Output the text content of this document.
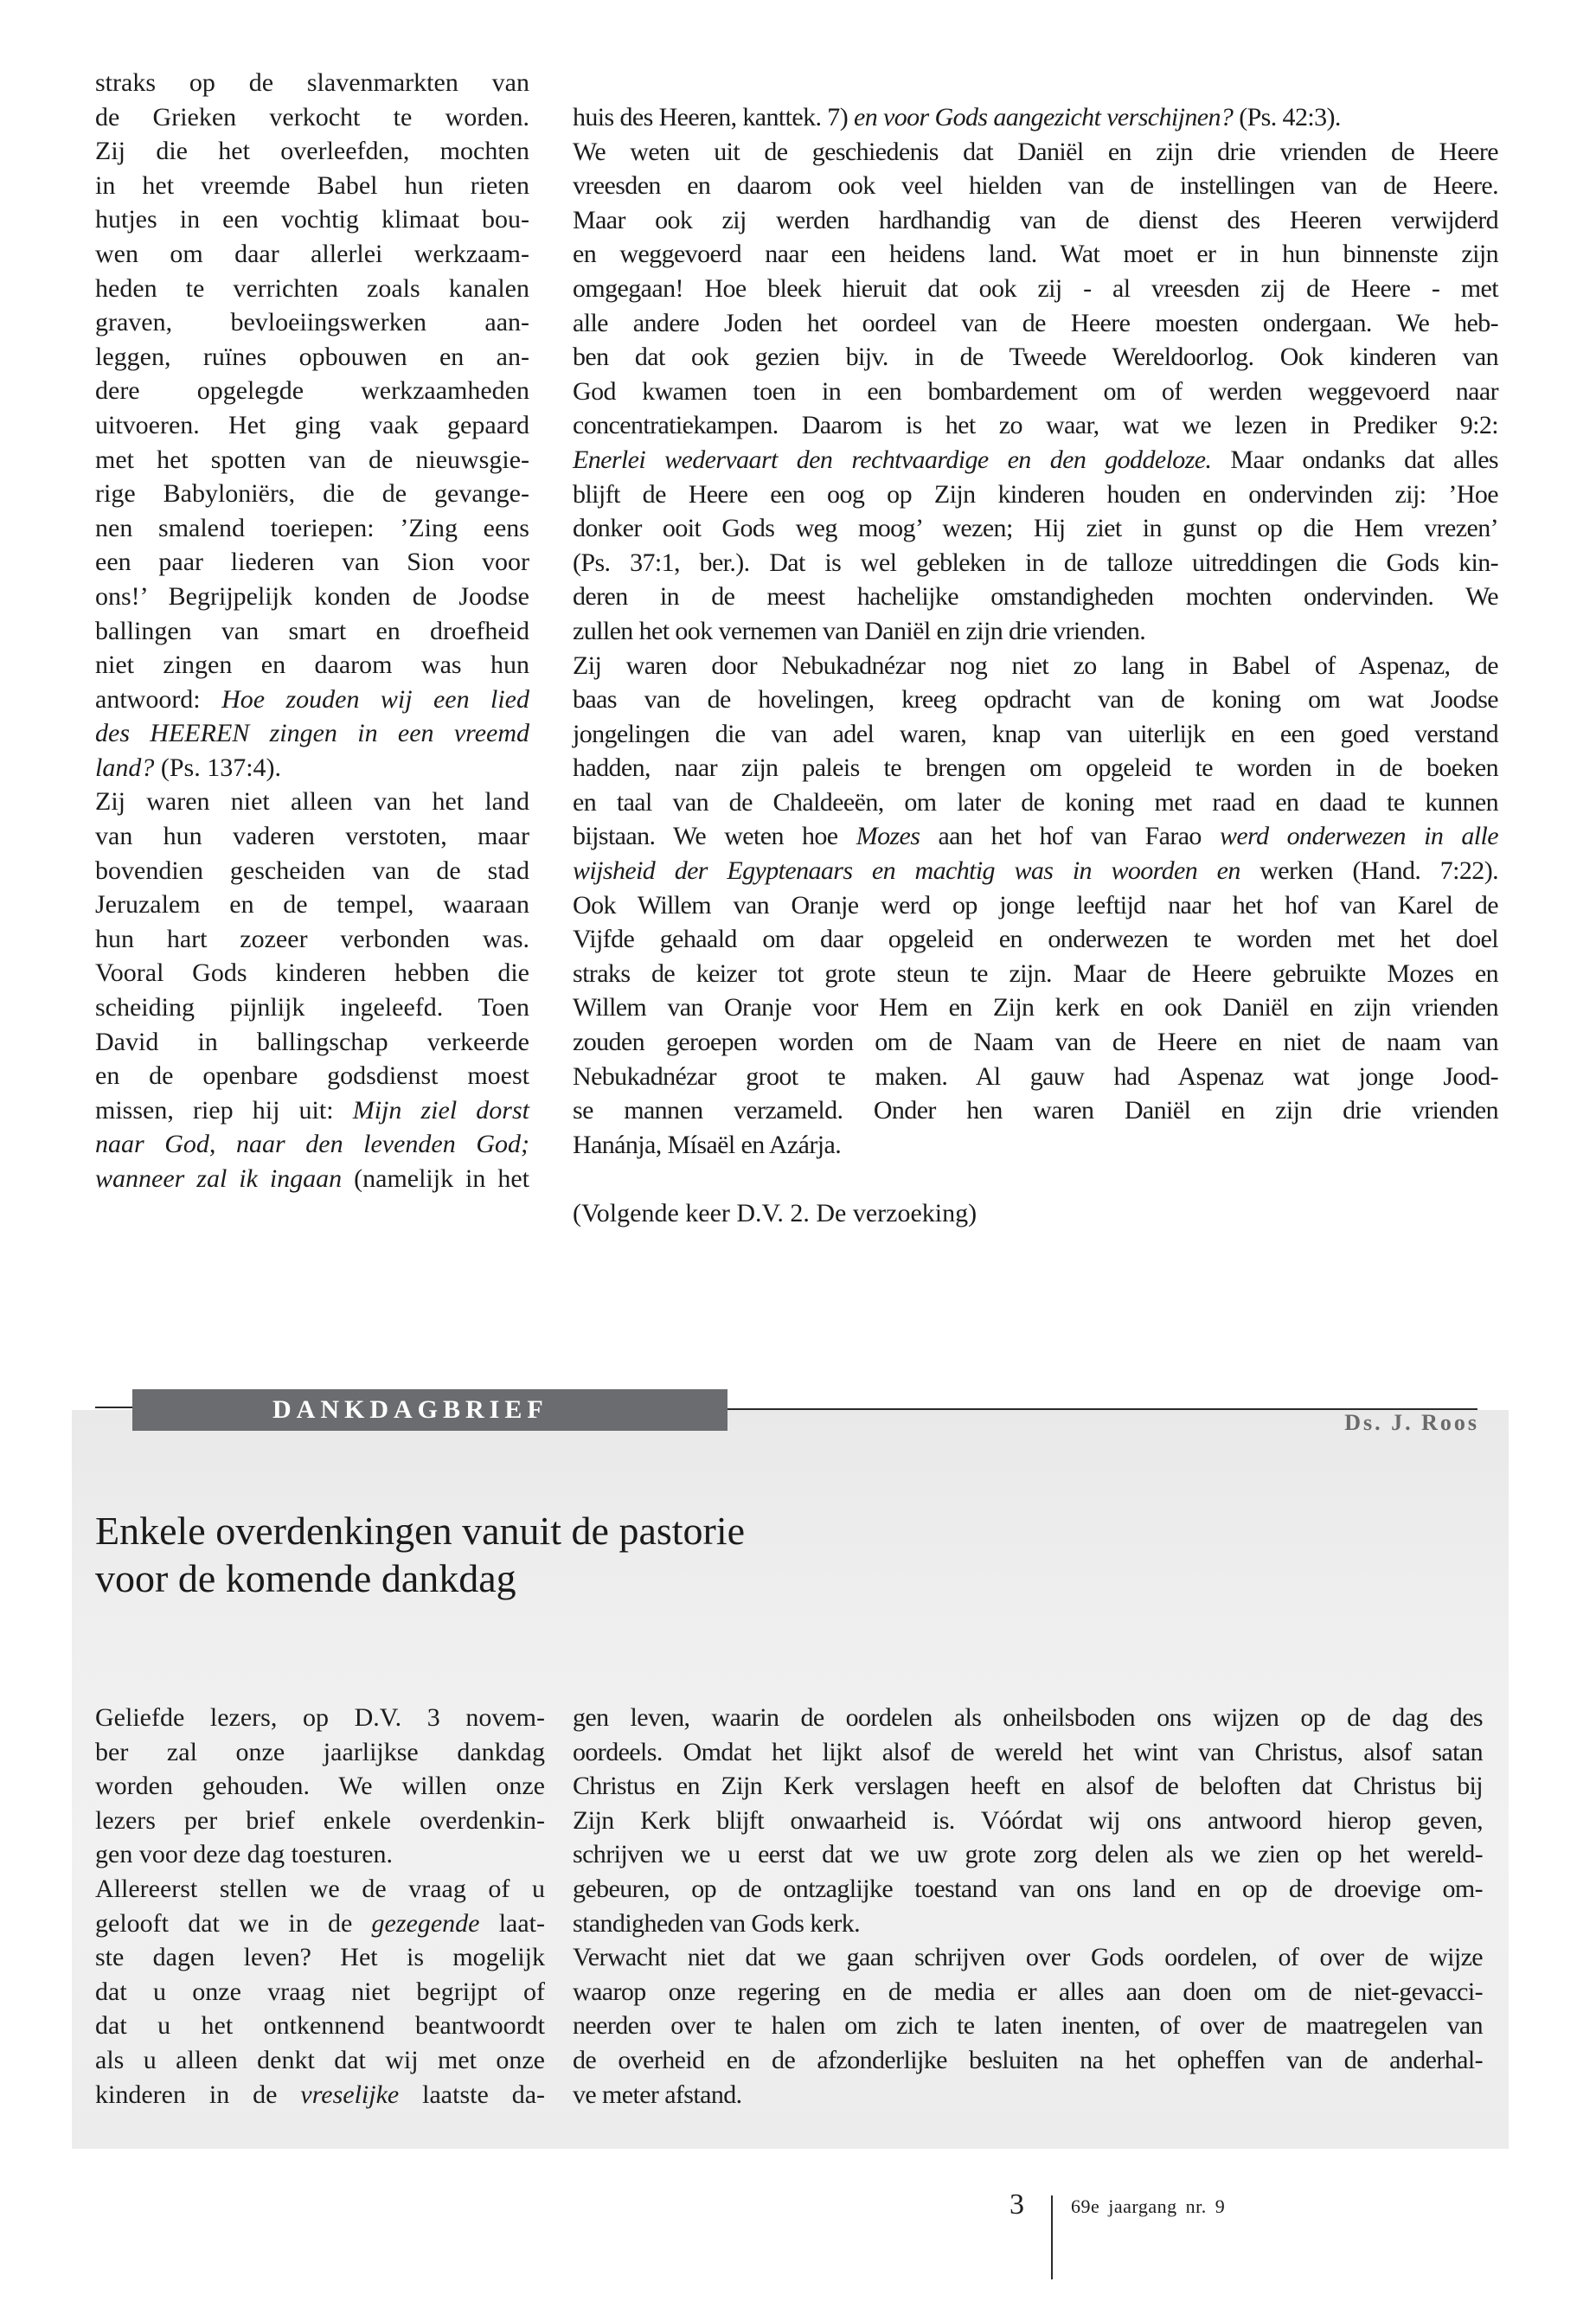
straks op de slavenmarkten van
de Grieken verkocht te worden.
Zij die het overleefden, mochten
in het vreemde Babel hun rieten
hutjes in een vochtig klimaat bou-
wen om daar allerlei werkzaam-
heden te verrichten zoals kanalen
graven, bevloeiingswerken aan-
leggen, ruïnes opbouwen en an-
dere opgelegde werkzaamheden
uitvoeren. Het ging vaak gepaard
met het spotten van de nieuwsgie-
rige Babyloniërs, die de gevange-
nen smalend toeriepen: ’Zing eens
een paar liederen van Sion voor
ons!’ Begrijpelijk konden de Joodse
ballingen van smart en droefheid
niet zingen en daarom was hun
antwoord: Hoe zouden wij een lied
des HEEREN zingen in een vreemd
land? (Ps. 137:4).
Zij waren niet alleen van het land
van hun vaderen verstoten, maar
bovendien gescheiden van de stad
Jeruzalem en de tempel, waaraan
hun hart zozeer verbonden was.
Vooral Gods kinderen hebben die
scheiding pijnlijk ingeleefd. Toen
David in ballingschap verkeerde
en de openbare godsdienst moest
missen, riep hij uit: Mijn ziel dorst
naar God, naar den levenden God;
wanneer zal ik ingaan (namelijk in het
huis des Heeren, kanttek. 7) en voor Gods aangezicht verschijnen? (Ps. 42:3).
We weten uit de geschiedenis dat Daniël en zijn drie vrienden de Heere
vreesden en daarom ook veel hielden van de instellingen van de Heere.
Maar ook zij werden hardhandig van de dienst des Heeren verwijderd
en weggevoerd naar een heidens land. Wat moet er in hun binnenste zijn
omgegaan! Hoe bleek hieruit dat ook zij - al vreesden zij de Heere - met
alle andere Joden het oordeel van de Heere moesten ondergaan. We heb-
ben dat ook gezien bijv. in de Tweede Wereldoorlog. Ook kinderen van
God kwamen toen in een bombardement om of werden weggevoerd naar
concentratiekampen. Daarom is het zo waar, wat we lezen in Prediker 9:2:
Enerlei wedervaart den rechtvaardige en den goddeloze. Maar ondanks dat alles
blijft de Heere een oog op Zijn kinderen houden en ondervinden zij: ’Hoe
donker ooit Gods weg moog’ wezen; Hij ziet in gunst op die Hem vrezen’
(Ps. 37:1, ber.). Dat is wel gebleken in de talloze uitreddingen die Gods kin-
deren in de meest hachelijke omstandigheden mochten ondervinden. We
zullen het ook vernemen van Daniël en zijn drie vrienden.
Zij waren door Nebukadnézar nog niet zo lang in Babel of Aspenaz, de
baas van de hovelingen, kreeg opdracht van de koning om wat Joodse
jongelingen die van adel waren, knap van uiterlijk en een goed verstand
hadden, naar zijn paleis te brengen om opgeleid te worden in de boeken
en taal van de Chaldeeën, om later de koning met raad en daad te kunnen
bijstaan. We weten hoe Mozes aan het hof van Farao werd onderwezen in alle
wijsheid der Egyptenaars en machtig was in woorden en werken (Hand. 7:22).
Ook Willem van Oranje werd op jonge leeftijd naar het hof van Karel de
Vijfde gehaald om daar opgeleid en onderwezen te worden met het doel
straks de keizer tot grote steun te zijn. Maar de Heere gebruikte Mozes en
Willem van Oranje voor Hem en Zijn kerk en ook Daniël en zijn vrienden
zouden geroepen worden om de Naam van de Heere en niet de naam van
Nebukadnézar groot te maken. Al gauw had Aspenaz wat jonge Jood-
se mannen verzameld. Onder hen waren Daniël en zijn drie vrienden
Hanánja, Mísaël en Azárja.

(Volgende keer D.V. 2. De verzoeking)

DANKDAGBRIEF	Ds. J. Roos
Enkele overdenkingen vanuit de pastorie
voor de komende dankdag
Geliefde lezers, op D.V. 3 novem-
ber zal onze jaarlijkse dankdag
worden gehouden. We willen onze
lezers per brief enkele overdenkin-
gen voor deze dag toesturen.
Allereerst stellen we de vraag of u
gelooft dat we in de gezegende laat-
ste dagen leven? Het is mogelijk
dat u onze vraag niet begrijpt of
dat u het ontkennend beantwoordt
als u alleen denkt dat wij met onze
kinderen in de vreselijke laatste da-
gen leven, waarin de oordelen als onheilsboden ons wijzen op de dag des
oordeels. Omdat het lijkt alsof de wereld het wint van Christus, alsof satan
Christus en Zijn Kerk verslagen heeft en alsof de beloften dat Christus bij
Zijn Kerk blijft onwaarheid is. Vóórdat wij ons antwoord hierop geven,
schrijven we u eerst dat we uw grote zorg delen als we zien op het wereld-
gebeuren, op de ontzaglijke toestand van ons land en op de droevige om-
standigheden van Gods kerk.
Verwacht niet dat we gaan schrijven over Gods oordelen, of over de wijze
waarop onze regering en de media er alles aan doen om de niet-gevacci-
neerden over te halen om zich te laten inenten, of over de maatregelen van
de overheid en de afzonderlijke besluiten na het opheffen van de anderhal-
ve meter afstand.
3 69e jaargang nr. 9
